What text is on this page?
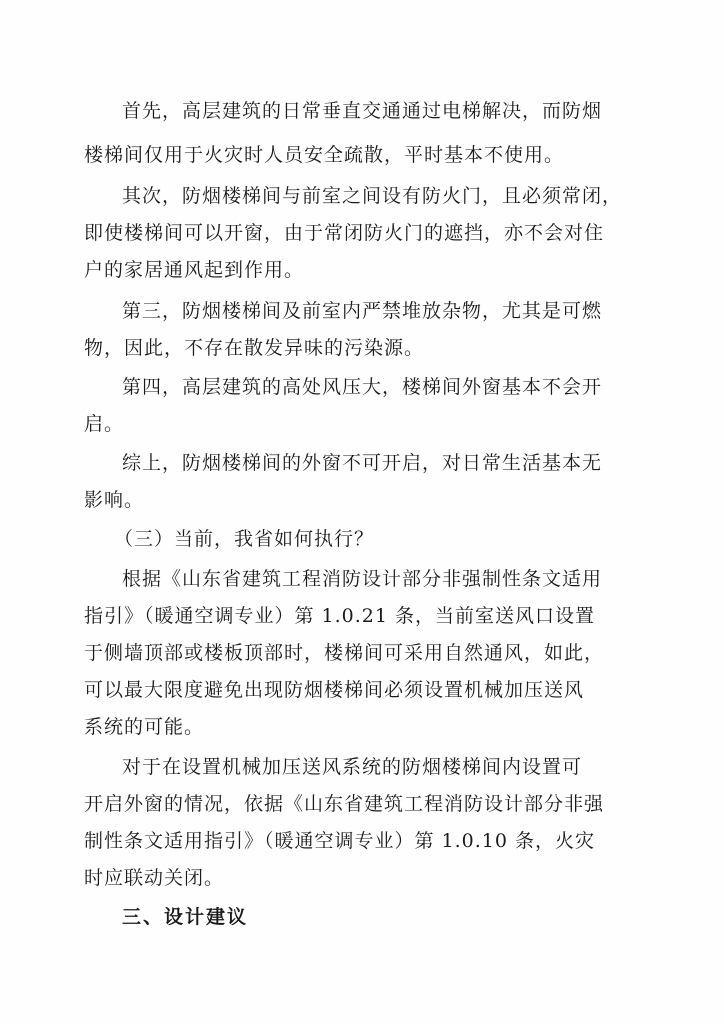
首先，高层建筑的日常垂直交通通过电梯解决，而防烟

楼梯间仅用于火灾时人员安全疏散，平时基本不使用。

其次，防烟楼梯间与前室之间设有防火门，且必须常闭，

即使楼梯间可以开窗，由于常闭防火门的遮挡，亦不会对住

户的家居通风起到作用。

第三，防烟楼梯间及前室内严禁堆放杂物，尤其是可燃

物，因此，不存在散发异味的污染源。

第四，高层建筑的高处风压大，楼梯间外窗基本不会开

启。

综上，防烟楼梯间的外窗不可开启，对日常生活基本无

影响。

（三）当前，我省如何执行？

根据《山东省建筑工程消防设计部分非强制性条文适用

指引》（暖通空调专业）第 1.0.21 条，当前室送风口设置

于侧墙顶部或楼板顶部时，楼梯间可采用自然通风，如此，

可以最大限度避免出现防烟楼梯间必须设置机械加压送风

系统的可能。

对于在设置机械加压送风系统的防烟楼梯间内设置可

开启外窗的情况，依据《山东省建筑工程消防设计部分非强

制性条文适用指引》（暖通空调专业）第 1.0.10 条，火灾

时应联动关闭。

三、设计建议
